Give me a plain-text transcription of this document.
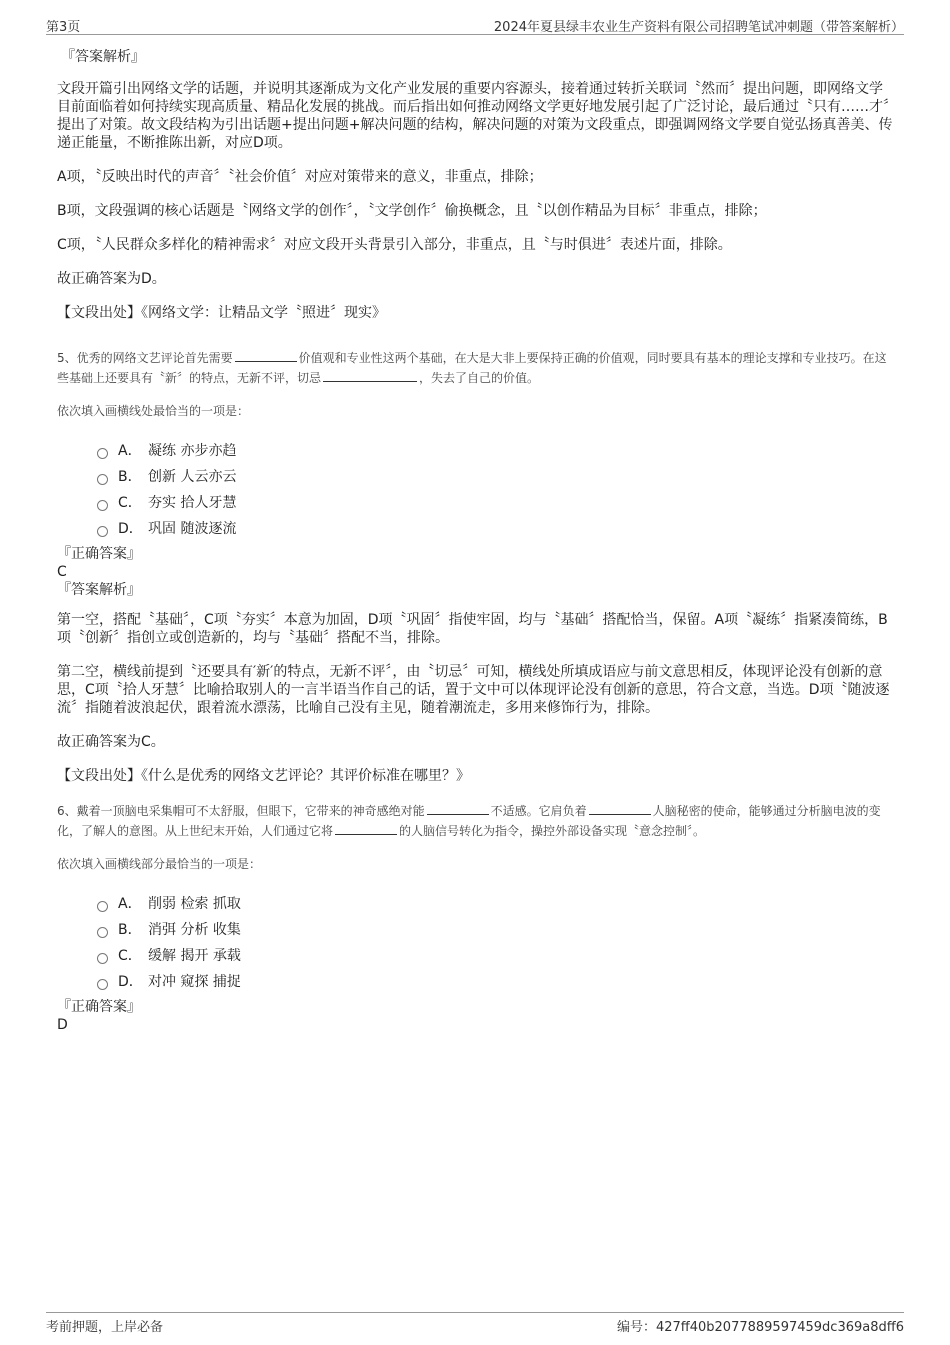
第3页	2024年夏县绿丰农业生产资料有限公司招聘笔试冲刺题（带答案解析）

『答案解析』

文段开篇引出网络文学的话题，并说明其逐渐成为文化产业发展的重要内容源头，接着通过转折关联词〝然而〞提出问题，即网络文学目前面临着如何持续实现高质量、精品化发展的挑战。而后指出如何推动网络文学更好地发展引起了广泛讨论，最后通过〝只有……才〞提出了对策。故文段结构为引出话题+提出问题+解决问题的结构，解决问题的对策为文段重点，即强调网络文学要自觉弘扬真善美、传递正能量，不断推陈出新，对应D项。

A项，〝反映出时代的声音〞〝社会价值〞对应对策带来的意义，非重点，排除；

B项，文段强调的核心话题是〝网络文学的创作〞，〝文学创作〞偷换概念，且〝以创作精品为目标〞非重点，排除；

C项，〝人民群众多样化的精神需求〞对应文段开头背景引入部分，非重点，且〝与时俱进〞表述片面，排除。

故正确答案为D。

【文段出处】《网络文学：让精品文学〝照进〞现实》

5、优秀的网络文艺评论首先需要	价值观和专业性这两个基础，在大是大非上要保持正确的价值观，同时要具有基本的理论支撑和专业技巧。在这些基础上还要具有〝新〞的特点，无新不评，切忌	，失去了自己的价值。

依次填入画横线处最恰当的一项是：

A． 凝练 亦步亦趋
B． 创新 人云亦云
C． 夯实 拾人牙慧
D． 巩固 随波逐流

『正确答案』

C

『答案解析』

第一空，搭配〝基础〞，C项〝夯实〞本意为加固，D项〝巩固〞指使牢固，均与〝基础〞搭配恰当，保留。A项〝凝练〞指紧凑简练，B项〝创新〞指创立或创造新的，均与〝基础〞搭配不当，排除。

第二空，横线前提到〝还要具有′新′的特点，无新不评〞，由〝切忌〞可知，横线处所填成语应与前文意思相反，体现评论没有创新的意思，C项〝拾人牙慧〞比喻拾取别人的一言半语当作自己的话，置于文中可以体现评论没有创新的意思，符合文意，当选。D项〝随波逐流〞指随着波浪起伏，跟着流水漂荡，比喻自己没有主见，随着潮流走，多用来修饰行为，排除。

故正确答案为C。

【文段出处】《什么是优秀的网络文艺评论？其评价标准在哪里？》

6、戴着一顶脑电采集帽可不太舒服，但眼下，它带来的神奇感绝对能	不适感。它肩负着	人脑秘密的使命，能够通过分析脑电波的变化，了解人的意图。从上世纪末开始，人们通过它将	的人脑信号转化为指令，操控外部设备实现〝意念控制〞。

依次填入画横线部分最恰当的一项是：

A． 削弱 检索 抓取
B． 消弭 分析 收集
C． 缓解 揭开 承载
D． 对冲 窥探 捕捉

『正确答案』

D

考前押题，上岸必备	编号：427ff40b2077889597459dc369a8dff6
